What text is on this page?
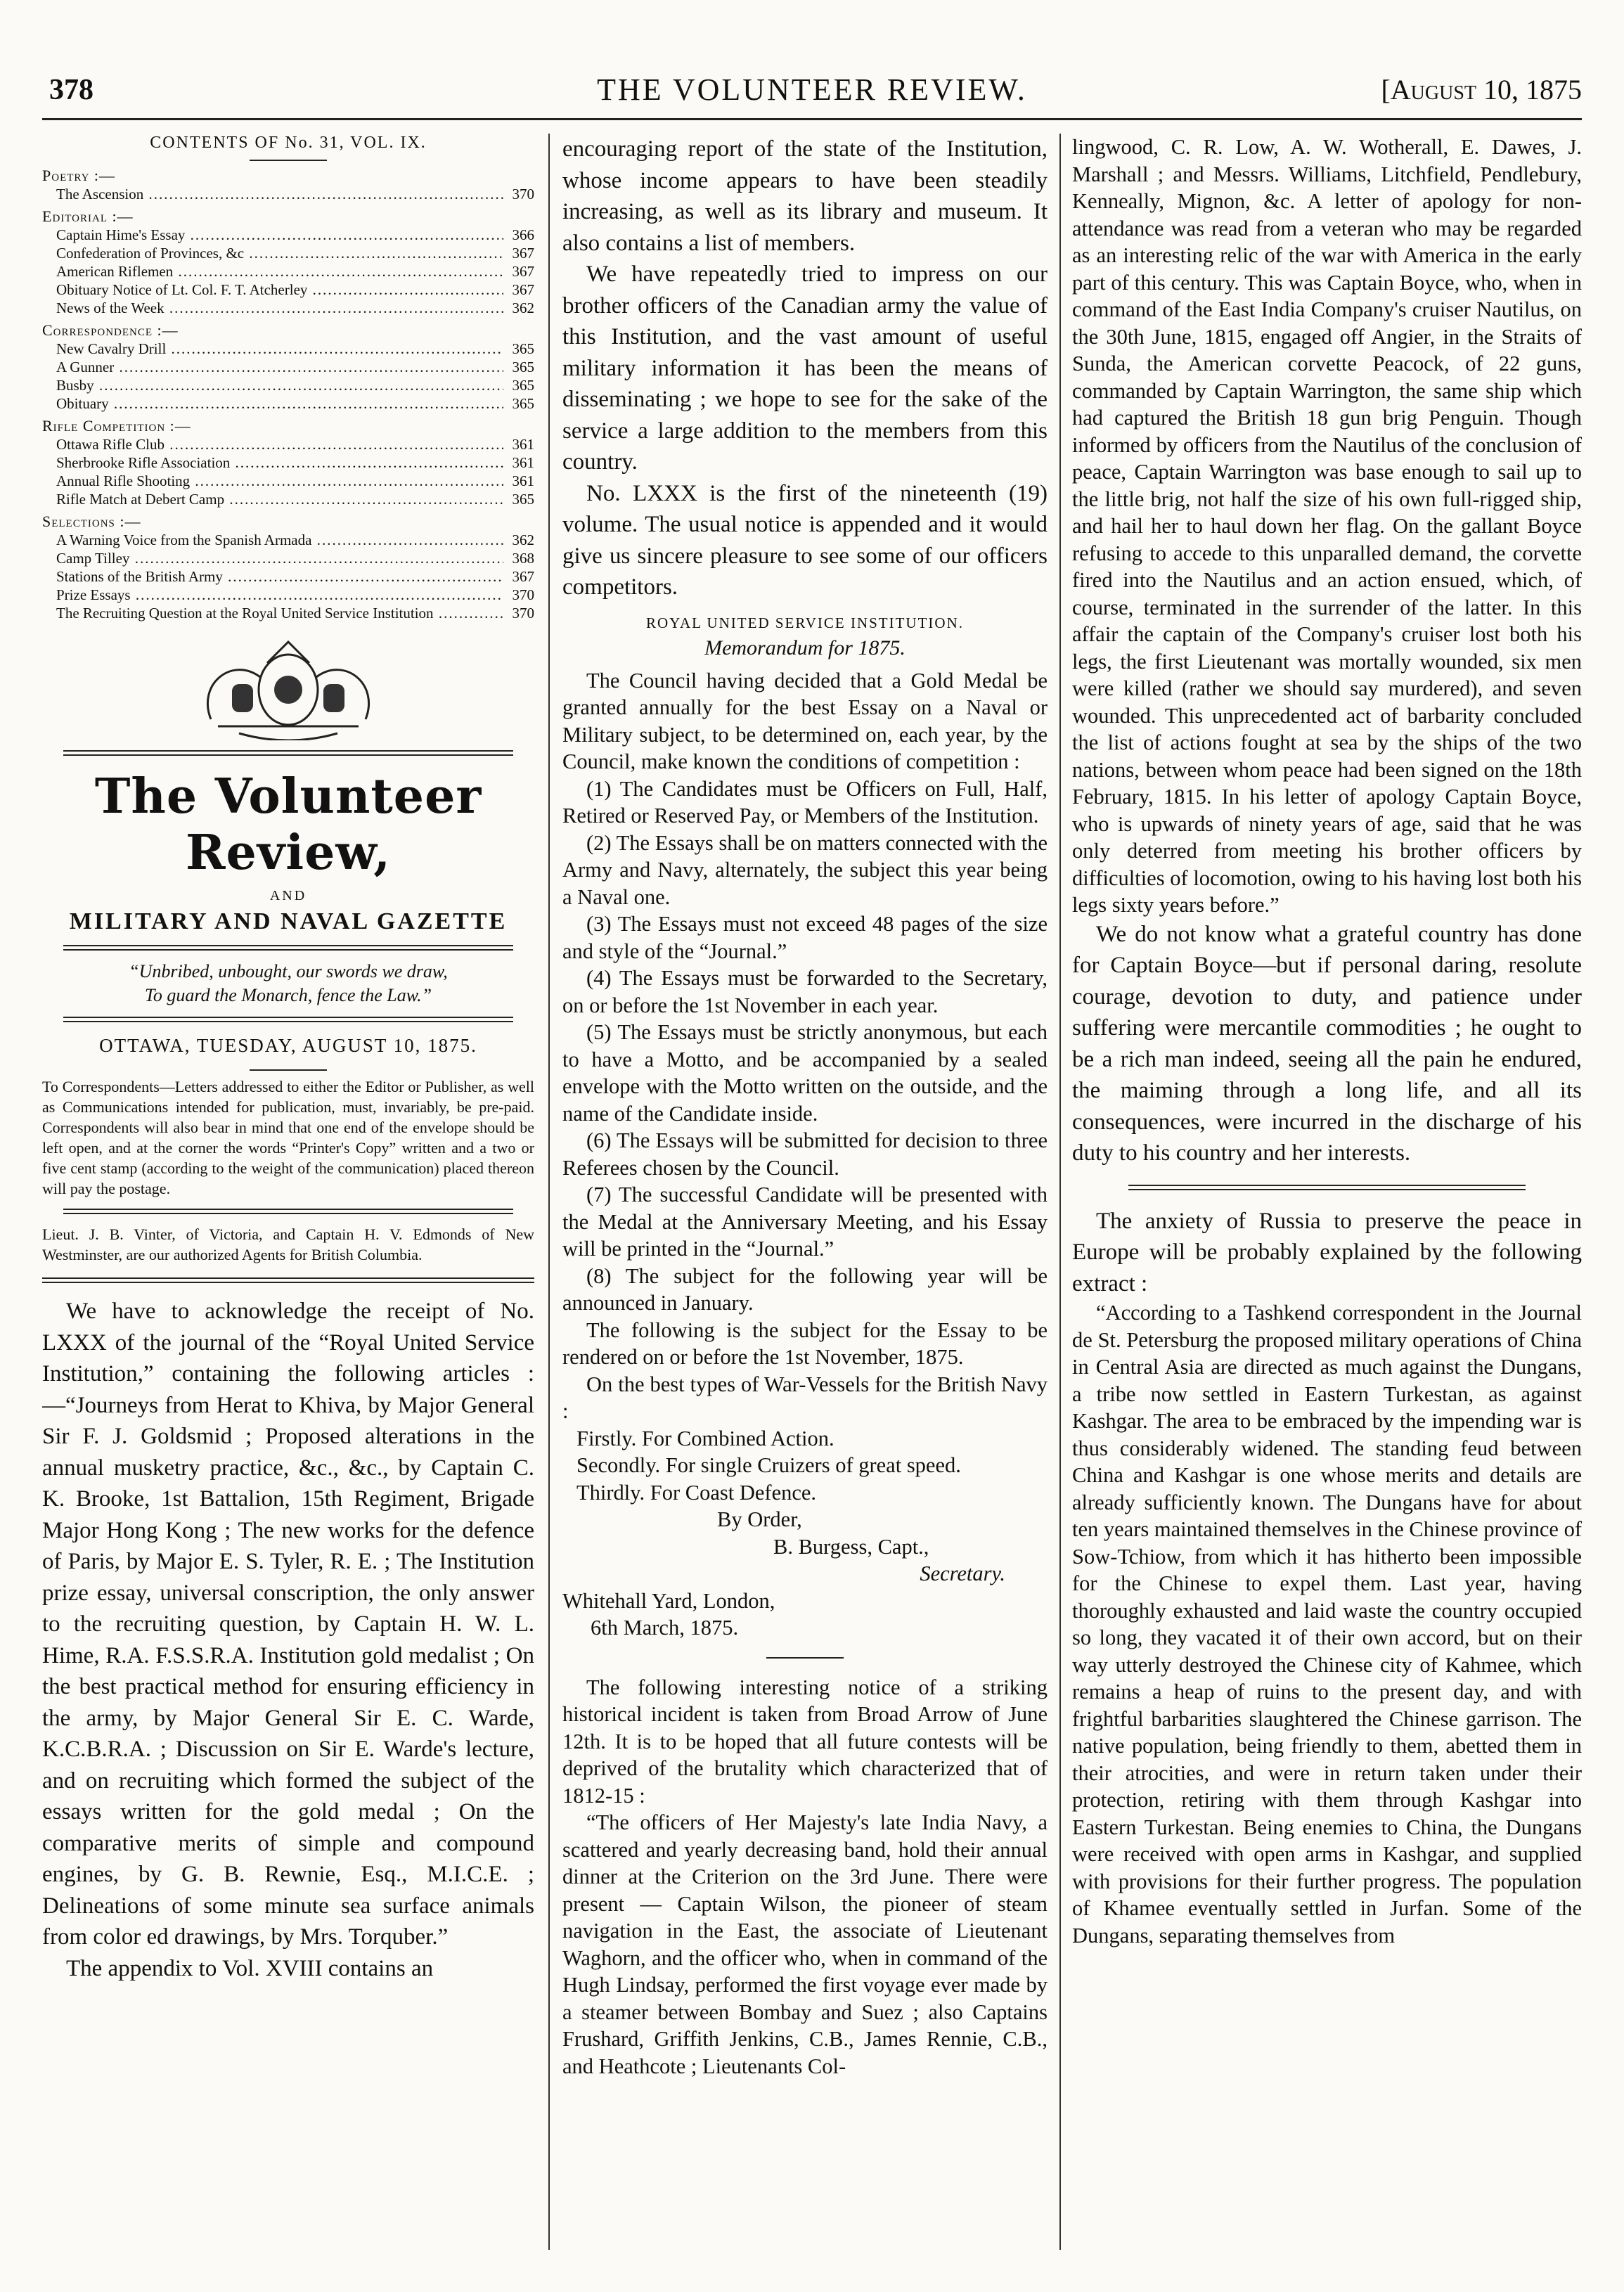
378	THE VOLUNTEER REVIEW.	[August 10, 1875
CONTENTS OF No. 31, VOL. IX.
Poetry :—
The Ascension .....	370
Editorial :—
Captain Hime's Essay .....	366
Confederation of Provinces, &c .....	367
American Riflemen .....	367
Obituary Notice of Lt. Col. F. T. Atcherley .....	367
News of the Week .....	362
Correspondence :—
New Cavalry Drill .....	365
A Gunner .....	365
Busby .....	365
Obituary .....	365
Rifle Competition :—
Ottawa Rifle Club .....	361
Sherbrooke Rifle Association .....	361
Annual Rifle Shooting .....	361
Rifle Match at Debert Camp .....	365
Selections :—
A Warning Voice from the Spanish Armada .....	362
Camp Tilley .....	368
Stations of the British Army .....	367
Prize Essays .....	370
The Recruiting Question at the Royal United Service Institution .....	370
The Volunteer Review,
AND
MILITARY AND NAVAL GAZETTE
“Unbribed, unbought, our swords we draw,
To guard the Monarch, fence the Law.”
OTTAWA, TUESDAY, AUGUST 10, 1875.

To Correspondents—Letters addressed to either the Editor or Publisher, as well as Communications intended for publication, must, invariably, be pre-paid. Correspondents will also bear in mind that one end of the envelope should be left open, and at the corner the words “Printer's Copy” written and a two or five cent stamp (according to the weight of the communication) placed thereon will pay the postage.

Lieut. J. B. Vinter, of Victoria, and Captain H. V. Edmonds of New Westminster, are our authorized Agents for British Columbia.

We have to acknowledge the receipt of No. LXXX of the journal of the “Royal United Service Institution,” containing the following articles :—“Journeys from Herat to Khiva, by Major General Sir F. J. Goldsmid ; Proposed alterations in the annual musketry practice, &c., &c., by Captain C. K. Brooke, 1st Battalion, 15th Regiment, Brigade Major Hong Kong ; The new works for the defence of Paris, by Major E. S. Tyler, R. E. ; The Institution prize essay, universal conscription, the only answer to the recruiting question, by Captain H. W. L. Hime, R.A. F.S.S.R.A. Institution gold medalist ; On the best practical method for ensuring efficiency in the army, by Major General Sir E. C. Warde, K.C.B.R.A. ; Discussion on Sir E. Warde's lecture, and on recruiting which formed the subject of the essays written for the gold medal ; On the comparative merits of simple and compound engines, by G. B. Rewnie, Esq., M.I.C.E. ; Delineations of some minute sea surface animals from color ed drawings, by Mrs. Torquber.”

The appendix to Vol. XVIII contains an

encouraging report of the state of the Institution, whose income appears to have been steadily increasing, as well as its library and museum. It also contains a list of members.

We have repeatedly tried to impress on our brother officers of the Canadian army the value of this Institution, and the vast amount of useful military information it has been the means of disseminating ; we hope to see for the sake of the service a large addition to the members from this country.

No. LXXX is the first of the nineteenth (19) volume. The usual notice is appended and it would give us sincere pleasure to see some of our officers competitors.

ROYAL UNITED SERVICE INSTITUTION.
Memorandum for 1875.

The Council having decided that a Gold Medal be granted annually for the best Essay on a Naval or Military subject, to be determined on, each year, by the Council, make known the conditions of competition :

(1) The Candidates must be Officers on Full, Half, Retired or Reserved Pay, or Members of the Institution.

(2) The Essays shall be on matters connected with the Army and Navy, alternately, the subject this year being a Naval one.

(3) The Essays must not exceed 48 pages of the size and style of the “Journal.”

(4) The Essays must be forwarded to the Secretary, on or before the 1st November in each year.

(5) The Essays must be strictly anonymous, but each to have a Motto, and be accompanied by a sealed envelope with the Motto written on the outside, and the name of the Candidate inside.

(6) The Essays will be submitted for decision to three Referees chosen by the Council.

(7) The successful Candidate will be presented with the Medal at the Anniversary Meeting, and his Essay will be printed in the “Journal.”

(8) The subject for the following year will be announced in January.

The following is the subject for the Essay to be rendered on or before the 1st November, 1875.

On the best types of War-Vessels for the British Navy :

Firstly. For Combined Action.

Secondly. For single Cruizers of great speed.

Thirdly. For Coast Defence.

By Order,

B. Burgess, Capt.,

Secretary.

Whitehall Yard, London,

6th March, 1875.

The following interesting notice of a striking historical incident is taken from Broad Arrow of June 12th. It is to be hoped that all future contests will be deprived of the brutality which characterized that of 1812-15 :

“The officers of Her Majesty's late India Navy, a scattered and yearly decreasing band, hold their annual dinner at the Criterion on the 3rd June. There were present — Captain Wilson, the pioneer of steam navigation in the East, the associate of Lieutenant Waghorn, and the officer who, when in command of the Hugh Lindsay, performed the first voyage ever made by a steamer between Bombay and Suez ; also Captains Frushard, Griffith Jenkins, C.B., James Rennie, C.B., and Heathcote ; Lieutenants Col-

lingwood, C. R. Low, A. W. Wotherall, E. Dawes, J. Marshall ; and Messrs. Williams, Litchfield, Pendlebury, Kenneally, Mignon, &c. A letter of apology for non-attendance was read from a veteran who may be regarded as an interesting relic of the war with America in the early part of this century. This was Captain Boyce, who, when in command of the East India Company's cruiser Nautilus, on the 30th June, 1815, engaged off Angier, in the Straits of Sunda, the American corvette Peacock, of 22 guns, commanded by Captain Warrington, the same ship which had captured the British 18 gun brig Penguin. Though informed by officers from the Nautilus of the conclusion of peace, Captain Warrington was base enough to sail up to the little brig, not half the size of his own full-rigged ship, and hail her to haul down her flag. On the gallant Boyce refusing to accede to this unparalled demand, the corvette fired into the Nautilus and an action ensued, which, of course, terminated in the surrender of the latter. In this affair the captain of the Company's cruiser lost both his legs, the first Lieutenant was mortally wounded, six men were killed (rather we should say murdered), and seven wounded. This unprecedented act of barbarity concluded the list of actions fought at sea by the ships of the two nations, between whom peace had been signed on the 18th February, 1815. In his letter of apology Captain Boyce, who is upwards of ninety years of age, said that he was only deterred from meeting his brother officers by difficulties of locomotion, owing to his having lost both his legs sixty years before.”

We do not know what a grateful country has done for Captain Boyce—but if personal daring, resolute courage, devotion to duty, and patience under suffering were mercantile commodities ; he ought to be a rich man indeed, seeing all the pain he endured, the maiming through a long life, and all its consequences, were incurred in the discharge of his duty to his country and her interests.

The anxiety of Russia to preserve the peace in Europe will be probably explained by the following extract :

“According to a Tashkend correspondent in the Journal de St. Petersburg the proposed military operations of China in Central Asia are directed as much against the Dungans, a tribe now settled in Eastern Turkestan, as against Kashgar. The area to be embraced by the impending war is thus considerably widened. The standing feud between China and Kashgar is one whose merits and details are already sufficiently known. The Dungans have for about ten years maintained themselves in the Chinese province of Sow-Tchiow, from which it has hitherto been impossible for the Chinese to expel them. Last year, having thoroughly exhausted and laid waste the country occupied so long, they vacated it of their own accord, but on their way utterly destroyed the Chinese city of Kahmee, which remains a heap of ruins to the present day, and with frightful barbarities slaughtered the Chinese garrison. The native population, being friendly to them, abetted them in their atrocities, and were in return taken under their protection, retiring with them through Kashgar into Eastern Turkestan. Being enemies to China, the Dungans were received with open arms in Kashgar, and supplied with provisions for their further progress. The population of Khamee eventually settled in Jurfan. Some of the Dungans, separating themselves from
